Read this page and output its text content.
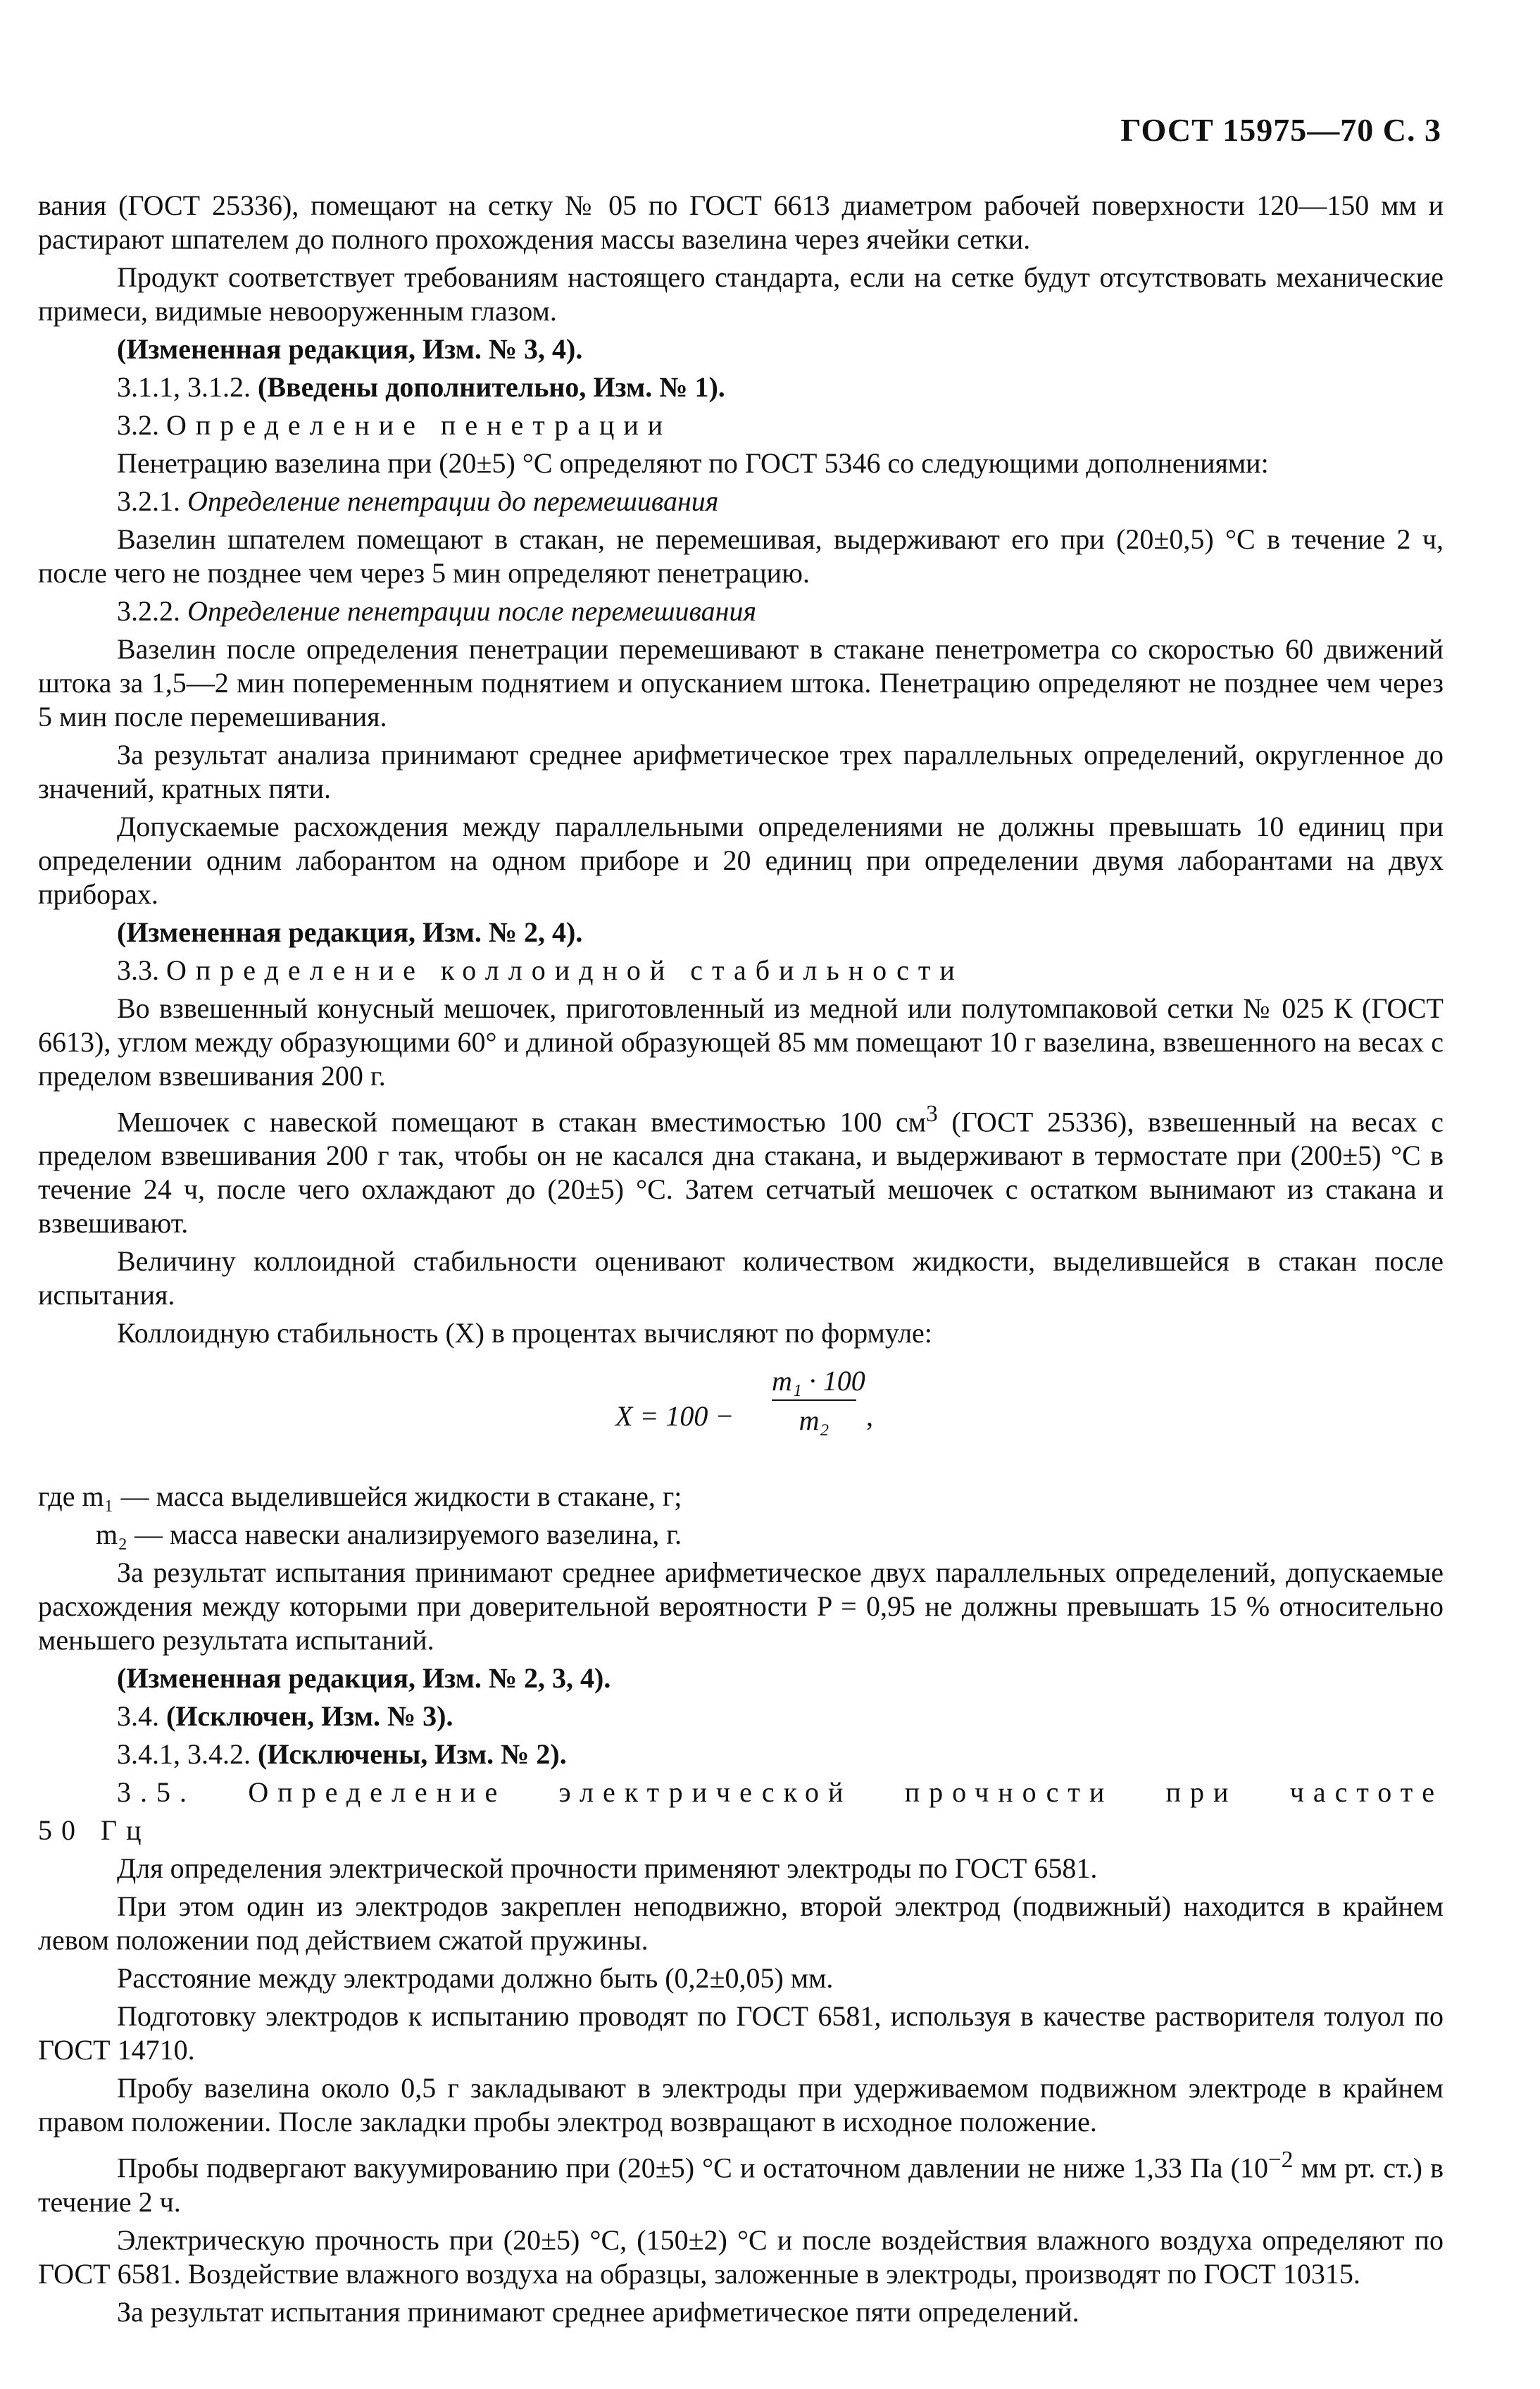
ГОСТ 15975—70 С. 3

вания (ГОСТ 25336), помещают на сетку № 05 по ГОСТ 6613 диаметром рабочей поверхности 120—150 мм и растирают шпателем до полного прохождения массы вазелина через ячейки сетки.

Продукт соответствует требованиям настоящего стандарта, если на сетке будут отсутствовать механические примеси, видимые невооруженным глазом.

(Измененная редакция, Изм. № 3, 4).

3.1.1, 3.1.2. (Введены дополнительно, Изм. № 1).

3.2. Определение пенетрации

Пенетрацию вазелина при (20±5) °С определяют по ГОСТ 5346 со следующими дополнениями:

3.2.1. Определение пенетрации до перемешивания

Вазелин шпателем помещают в стакан, не перемешивая, выдерживают его при (20±0,5) °С в течение 2 ч, после чего не позднее чем через 5 мин определяют пенетрацию.

3.2.2. Определение пенетрации после перемешивания

Вазелин после определения пенетрации перемешивают в стакане пенетрометра со скоростью 60 движений штока за 1,5—2 мин попеременным поднятием и опусканием штока. Пенетрацию определяют не позднее чем через 5 мин после перемешивания.

За результат анализа принимают среднее арифметическое трех параллельных определений, округленное до значений, кратных пяти.

Допускаемые расхождения между параллельными определениями не должны превышать 10 единиц при определении одним лаборантом на одном приборе и 20 единиц при определении двумя лаборантами на двух приборах.

(Измененная редакция, Изм. № 2, 4).

3.3. Определение коллоидной стабильности

Во взвешенный конусный мешочек, приготовленный из медной или полутомпаковой сетки № 025 К (ГОСТ 6613), углом между образующими 60° и длиной образующей 85 мм помещают 10 г вазелина, взвешенного на весах с пределом взвешивания 200 г.

Мешочек с навеской помещают в стакан вместимостью 100 $см^3$ (ГОСТ 25336), взвешенный на весах с пределом взвешивания 200 г так, чтобы он не касался дна стакана, и выдерживают в термостате при (200±5) °С в течение 24 ч, после чего охлаждают до (20±5) °С. Затем сетчатый мешочек с остатком вынимают из стакана и взвешивают.

Величину коллоидной стабильности оценивают количеством жидкости, выделившейся в стакан после испытания.

Коллоидную стабильность (X) в процентах вычисляют по формуле:

X = 100 −
m₁ · 100
m₂	,

где m₁ — масса выделившейся жидкости в стакане, г;

m₂ — масса навески анализируемого вазелина, г.

За результат испытания принимают среднее арифметическое двух параллельных определений, допускаемые расхождения между которыми при доверительной вероятности P = 0,95 не должны превышать 15 % относительно меньшего результата испытаний.

(Измененная редакция, Изм. № 2, 3, 4).

3.4. (Исключен, Изм. № 3).

3.4.1, 3.4.2. (Исключены, Изм. № 2).

3.5. Определение электрической прочности при частоте

50 Гц

Для определения электрической прочности применяют электроды по ГОСТ 6581.

При этом один из электродов закреплен неподвижно, второй электрод (подвижный) находится в крайнем левом положении под действием сжатой пружины.

Расстояние между электродами должно быть (0,2±0,05) мм.

Подготовку электродов к испытанию проводят по ГОСТ 6581, используя в качестве растворителя толуол по ГОСТ 14710.

Пробу вазелина около 0,5 г закладывают в электроды при удерживаемом подвижном электроде в крайнем правом положении. После закладки пробы электрод возвращают в исходное положение.

Пробы подвергают вакуумированию при (20±5) °С и остаточном давлении не ниже 1,33 Па ($10^{-2}$ мм рт. ст.) в течение 2 ч.

Электрическую прочность при (20±5) °С, (150±2) °С и после воздействия влажного воздуха определяют по ГОСТ 6581. Воздействие влажного воздуха на образцы, заложенные в электроды, производят по ГОСТ 10315.

За результат испытания принимают среднее арифметическое пяти определений.
